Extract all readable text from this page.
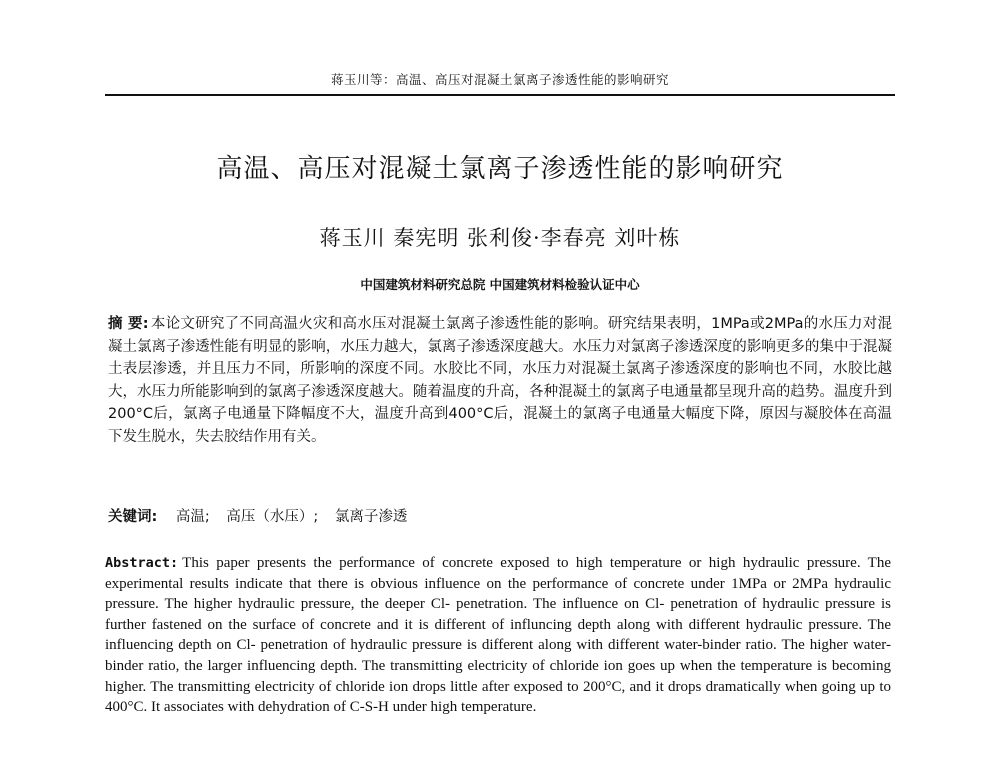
蒋玉川等：高温、高压对混凝土氯离子渗透性能的影响研究
高温、高压对混凝土氯离子渗透性能的影响研究
蒋玉川 秦宪明 张利俊·李春亮 刘叶栋
中国建筑材料研究总院 中国建筑材料检验认证中心
摘 要: 本论文研究了不同高温火灾和高水压对混凝土氯离子渗透性能的影响。研究结果表明，1MPa或2MPa的水压力对混凝土氯离子渗透性能有明显的影响，水压力越大，氯离子渗透深度越大。水压力对氯离子渗透深度的影响更多的集中于混凝土表层渗透，并且压力不同，所影响的深度不同。水胶比不同，水压力对混凝土氯离子渗透深度的影响也不同，水胶比越大，水压力所能影响到的氯离子渗透深度越大。随着温度的升高，各种混凝土的氯离子电通量都呈现升高的趋势。温度升到200°C后，氯离子电通量下降幅度不大，温度升高到400°C后，混凝土的氯离子电通量大幅度下降，原因与凝胶体在高温下发生脱水，失去胶结作用有关。
关键词: 高温; 高压（水压）; 氯离子渗透
Abstract: This paper presents the performance of concrete exposed to high temperature or high hydraulic pressure. The experimental results indicate that there is obvious influence on the performance of concrete under 1MPa or 2MPa hydraulic pressure. The higher hydraulic pressure, the deeper Cl- penetration. The influence on Cl- penetration of hydraulic pressure is further fastened on the surface of concrete and it is different of influncing depth along with different hydraulic pressure. The influencing depth on Cl- penetration of hydraulic pressure is different along with different water-binder ratio. The higher water-binder ratio, the larger influencing depth. The transmitting electricity of chloride ion goes up when the temperature is becoming higher. The transmitting electricity of chloride ion drops little after exposed to 200°C, and it drops dramatically when going up to 400°C. It associates with dehydration of C-S-H under high temperature.
